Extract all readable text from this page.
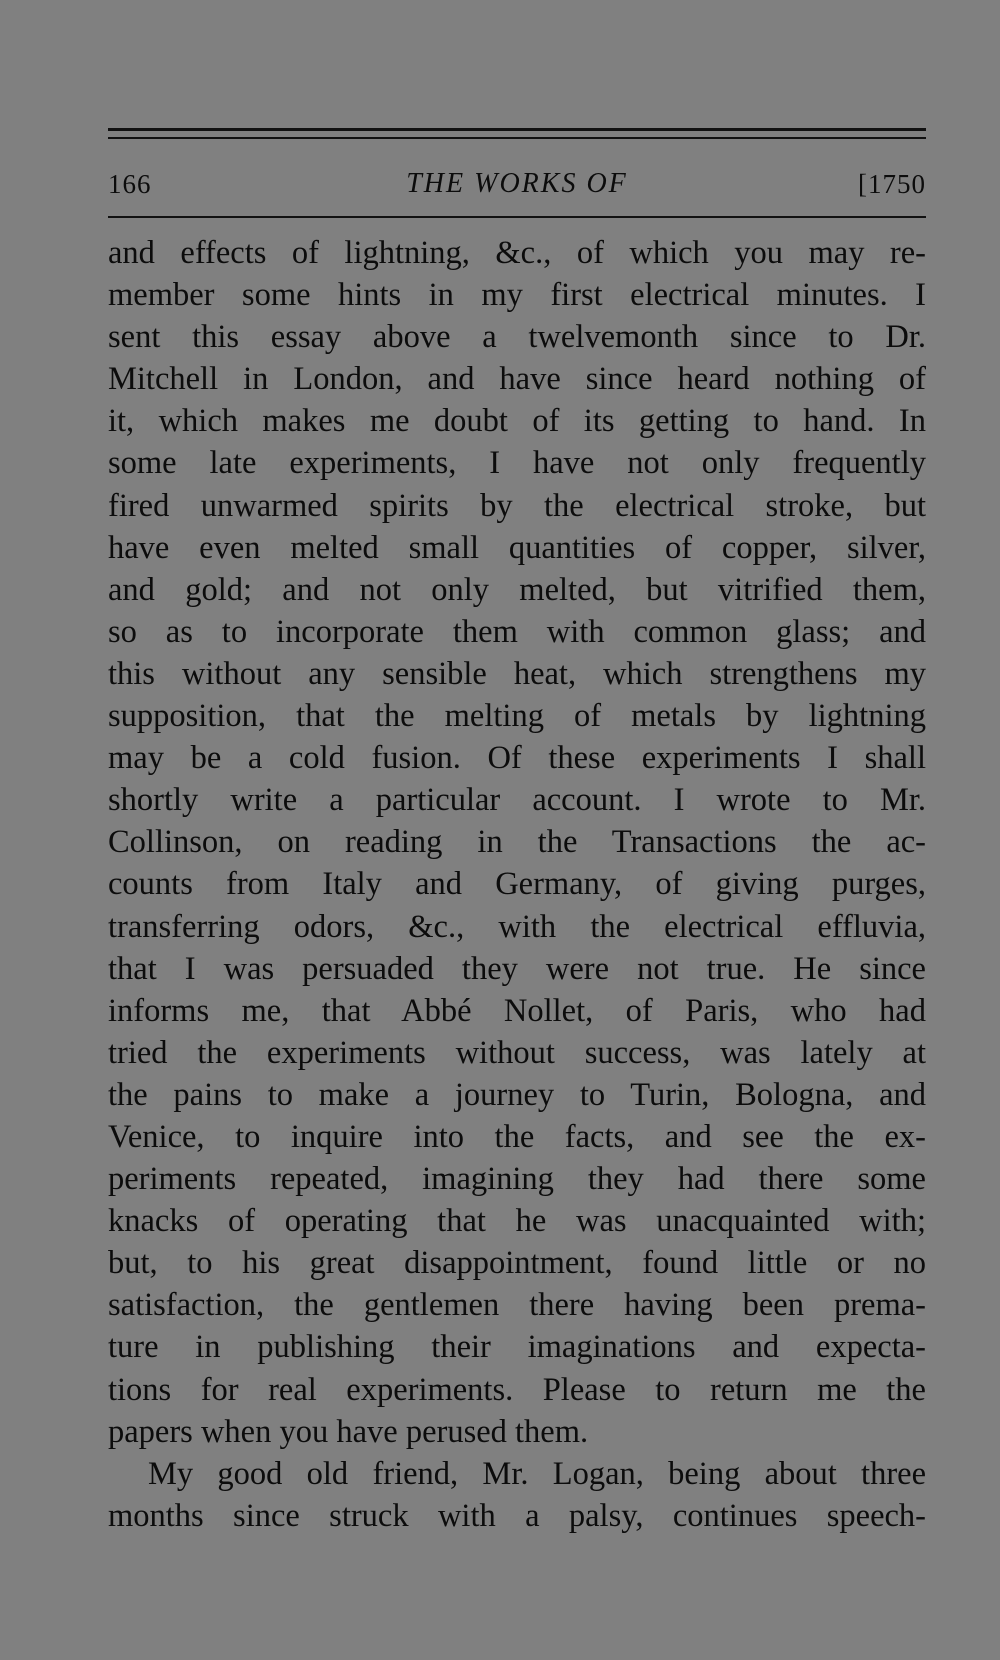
166	THE WORKS OF	[1750
and effects of lightning, &c., of which you may re-
member some hints in my first electrical minutes. I
sent this essay above a twelvemonth since to Dr.
Mitchell in London, and have since heard nothing of
it, which makes me doubt of its getting to hand. In
some late experiments, I have not only frequently
fired unwarmed spirits by the electrical stroke, but
have even melted small quantities of copper, silver,
and gold; and not only melted, but vitrified them,
so as to incorporate them with common glass; and
this without any sensible heat, which strengthens my
supposition, that the melting of metals by lightning
may be a cold fusion. Of these experiments I shall
shortly write a particular account. I wrote to Mr.
Collinson, on reading in the Transactions the ac-
counts from Italy and Germany, of giving purges,
transferring odors, &c., with the electrical effluvia,
that I was persuaded they were not true. He since
informs me, that Abbé Nollet, of Paris, who had
tried the experiments without success, was lately at
the pains to make a journey to Turin, Bologna, and
Venice, to inquire into the facts, and see the ex-
periments repeated, imagining they had there some
knacks of operating that he was unacquainted with;
but, to his great disappointment, found little or no
satisfaction, the gentlemen there having been prema-
ture in publishing their imaginations and expecta-
tions for real experiments. Please to return me the
papers when you have perused them.
My good old friend, Mr. Logan, being about three
months since struck with a palsy, continues speech-
